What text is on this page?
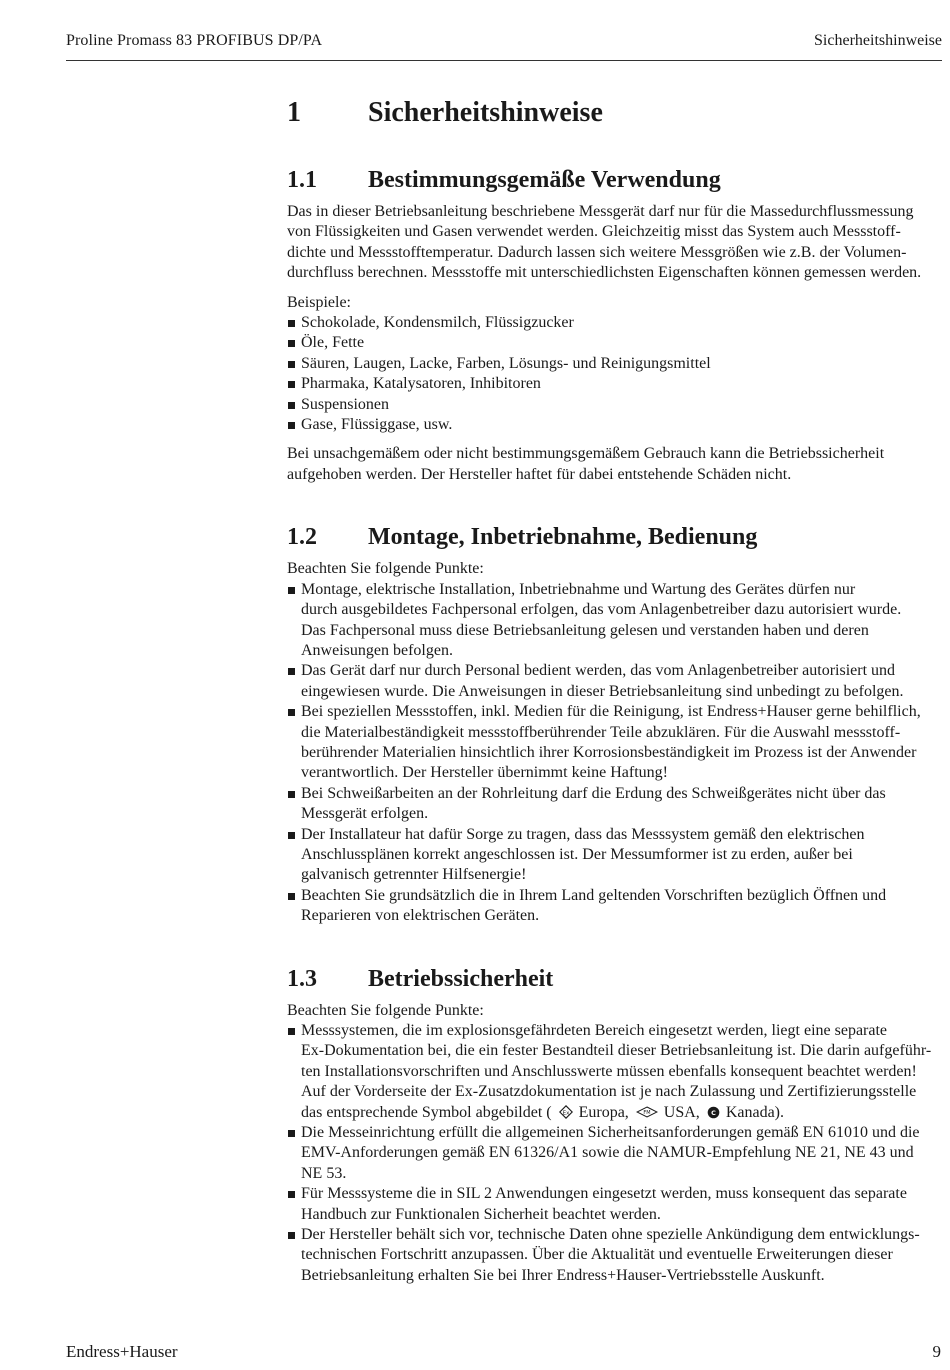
Proline Promass 83 PROFIBUS DP/PA	Sicherheitshinweise
1	Sicherheitshinweise
1.1	Bestimmungsgemäße Verwendung

Das in dieser Betriebsanleitung beschriebene Messgerät darf nur für die Massedurchflussmessung

von Flüssigkeiten und Gasen verwendet werden. Gleichzeitig misst das System auch Messstoff-

dichte und Messstofftemperatur. Dadurch lassen sich weitere Messgrößen wie z.B. der Volumen-

durchfluss berechnen. Messstoffe mit unterschiedlichsten Eigenschaften können gemessen werden.

Beispiele:

Schokolade, Kondensmilch, Flüssigzucker
Öle, Fette
Säuren, Laugen, Lacke, Farben, Lösungs- und Reinigungsmittel
Pharmaka, Katalysatoren, Inhibitoren
Suspensionen
Gase, Flüssiggase, usw.

Bei unsachgemäßem oder nicht bestimmungsgemäßem Gebrauch kann die Betriebssicherheit

aufgehoben werden. Der Hersteller haftet für dabei entstehende Schäden nicht.

1.2	Montage, Inbetriebnahme, Bedienung

Beachten Sie folgende Punkte:

Montage, elektrische Installation, Inbetriebnahme und Wartung des Gerätes dürfen nur
durch ausgebildetes Fachpersonal erfolgen, das vom Anlagenbetreiber dazu autorisiert wurde.
Das Fachpersonal muss diese Betriebsanleitung gelesen und verstanden haben und deren
Anweisungen befolgen.
Das Gerät darf nur durch Personal bedient werden, das vom Anlagenbetreiber autorisiert und
eingewiesen wurde. Die Anweisungen in dieser Betriebsanleitung sind unbedingt zu befolgen.
Bei speziellen Messstoffen, inkl. Medien für die Reinigung, ist Endress+Hauser gerne behilflich,
die Materialbeständigkeit messstoffberührender Teile abzuklären. Für die Auswahl messstoff-
berührender Materialien hinsichtlich ihrer Korrosionsbeständigkeit im Prozess ist der Anwender
verantwortlich. Der Hersteller übernimmt keine Haftung!
Bei Schweißarbeiten an der Rohrleitung darf die Erdung des Schweißgerätes nicht über das
Messgerät erfolgen.
Der Installateur hat dafür Sorge zu tragen, dass das Messsystem gemäß den elektrischen
Anschlussplänen korrekt angeschlossen ist. Der Messumformer ist zu erden, außer bei
galvanisch getrennter Hilfsenergie!
Beachten Sie grundsätzlich die in Ihrem Land geltenden Vorschriften bezüglich Öffnen und
Reparieren von elektrischen Geräten.
1.3	Betriebssicherheit

Beachten Sie folgende Punkte:

Messsystemen, die im explosionsgefährdeten Bereich eingesetzt werden, liegt eine separate
Ex-Dokumentation bei, die ein fester Bestandteil dieser Betriebsanleitung ist. Die darin aufgeführ-
ten Installationsvorschriften und Anschlusswerte müssen ebenfalls konsequent beachtet werden!
Auf der Vorderseite der Ex-Zusatzdokumentation ist je nach Zulassung und Zertifizierungsstelle
das entsprechende Symbol abgebildet ( Ex Europa,	FM USA, C Kanada).
Die Messeinrichtung erfüllt die allgemeinen Sicherheitsanforderungen gemäß EN 61010 und die
EMV-Anforderungen gemäß EN 61326/A1 sowie die NAMUR-Empfehlung NE 21, NE 43 und
NE 53.
Für Messsysteme die in SIL 2 Anwendungen eingesetzt werden, muss konsequent das separate
Handbuch zur Funktionalen Sicherheit beachtet werden.
Der Hersteller behält sich vor, technische Daten ohne spezielle Ankündigung dem entwicklungs-
technischen Fortschritt anzupassen. Über die Aktualität und eventuelle Erweiterungen dieser
Betriebsanleitung erhalten Sie bei Ihrer Endress+Hauser-Vertriebsstelle Auskunft.
Endress+Hauser	9
